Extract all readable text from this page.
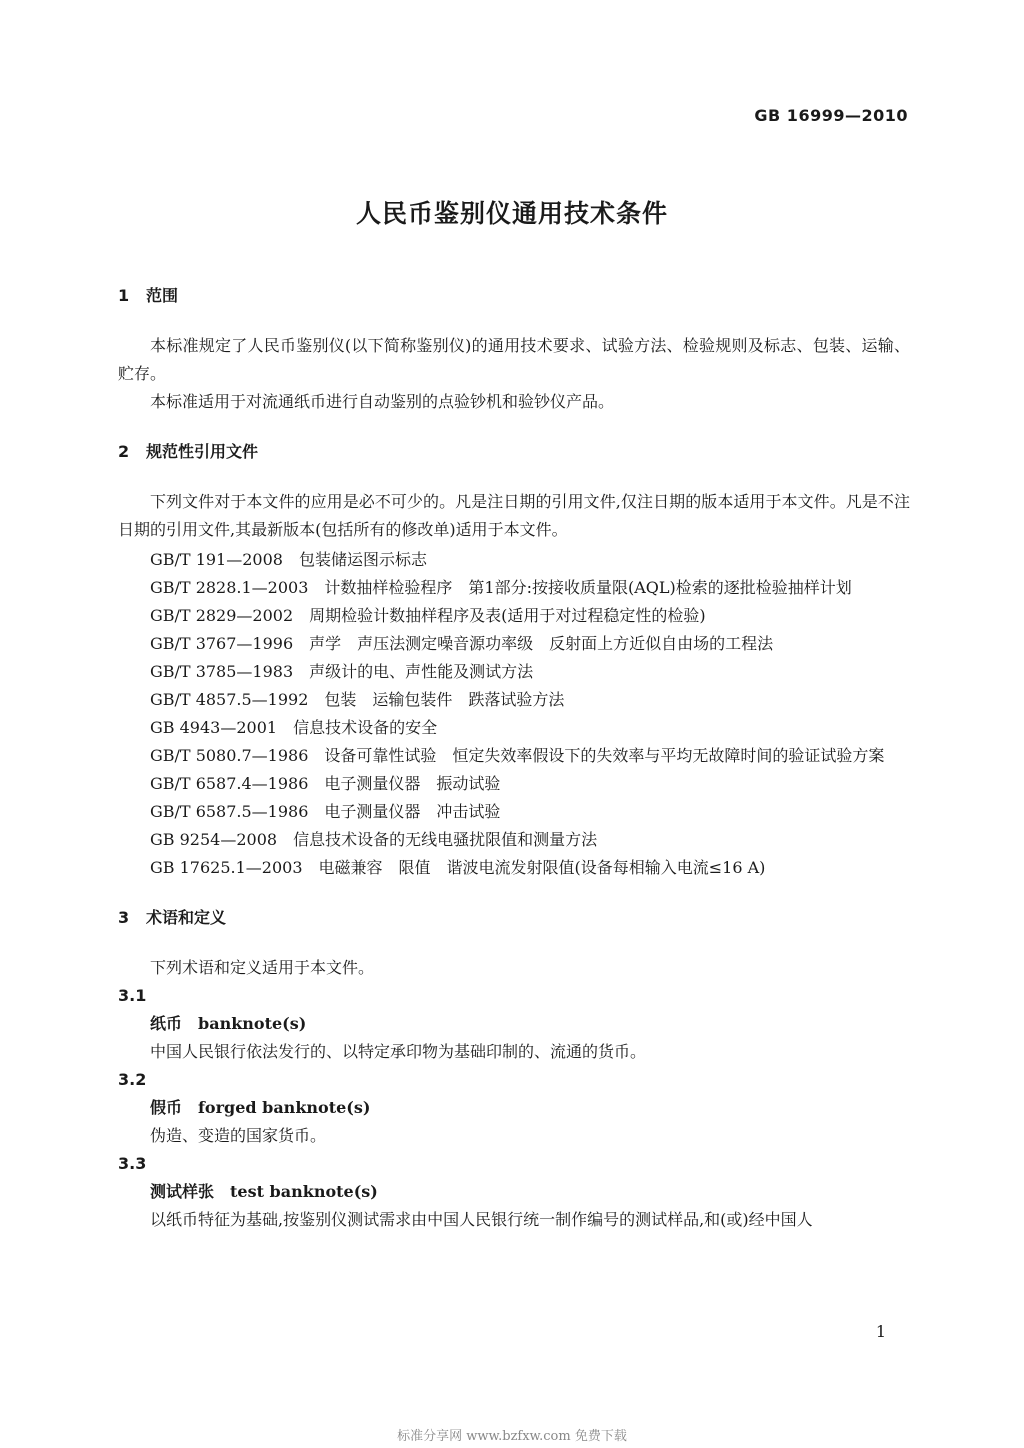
GB 16999—2010
人民币鉴别仪通用技术条件
1 范围

本标准规定了人民币鉴别仪(以下简称鉴别仪)的通用技术要求、试验方法、检验规则及标志、包装、运输、贮存。

本标准适用于对流通纸币进行自动鉴别的点验钞机和验钞仪产品。

2 规范性引用文件

下列文件对于本文件的应用是必不可少的。凡是注日期的引用文件,仅注日期的版本适用于本文件。凡是不注日期的引用文件,其最新版本(包括所有的修改单)适用于本文件。

GB/T 191—2008 包装储运图示标志

GB/T 2828.1—2003 计数抽样检验程序　第1部分:按接收质量限(AQL)检索的逐批检验抽样计划

GB/T 2829—2002 周期检验计数抽样程序及表(适用于对过程稳定性的检验)

GB/T 3767—1996 声学　声压法测定噪音源功率级　反射面上方近似自由场的工程法

GB/T 3785—1983 声级计的电、声性能及测试方法

GB/T 4857.5—1992 包装　运输包装件　跌落试验方法

GB 4943—2001 信息技术设备的安全

GB/T 5080.7—1986 设备可靠性试验　恒定失效率假设下的失效率与平均无故障时间的验证试验方案

GB/T 6587.4—1986 电子测量仪器　振动试验

GB/T 6587.5—1986 电子测量仪器　冲击试验

GB 9254—2008 信息技术设备的无线电骚扰限值和测量方法

GB 17625.1—2003 电磁兼容　限值　谐波电流发射限值(设备每相输入电流≤16 A)

3 术语和定义

下列术语和定义适用于本文件。

3.1

纸币 banknote(s)

中国人民银行依法发行的、以特定承印物为基础印制的、流通的货币。

3.2

假币 forged banknote(s)

伪造、变造的国家货币。

3.3

测试样张 test banknote(s)

以纸币特征为基础,按鉴别仪测试需求由中国人民银行统一制作编号的测试样品,和(或)经中国人

1
标准分享网 www.bzfxw.com 免费下载
